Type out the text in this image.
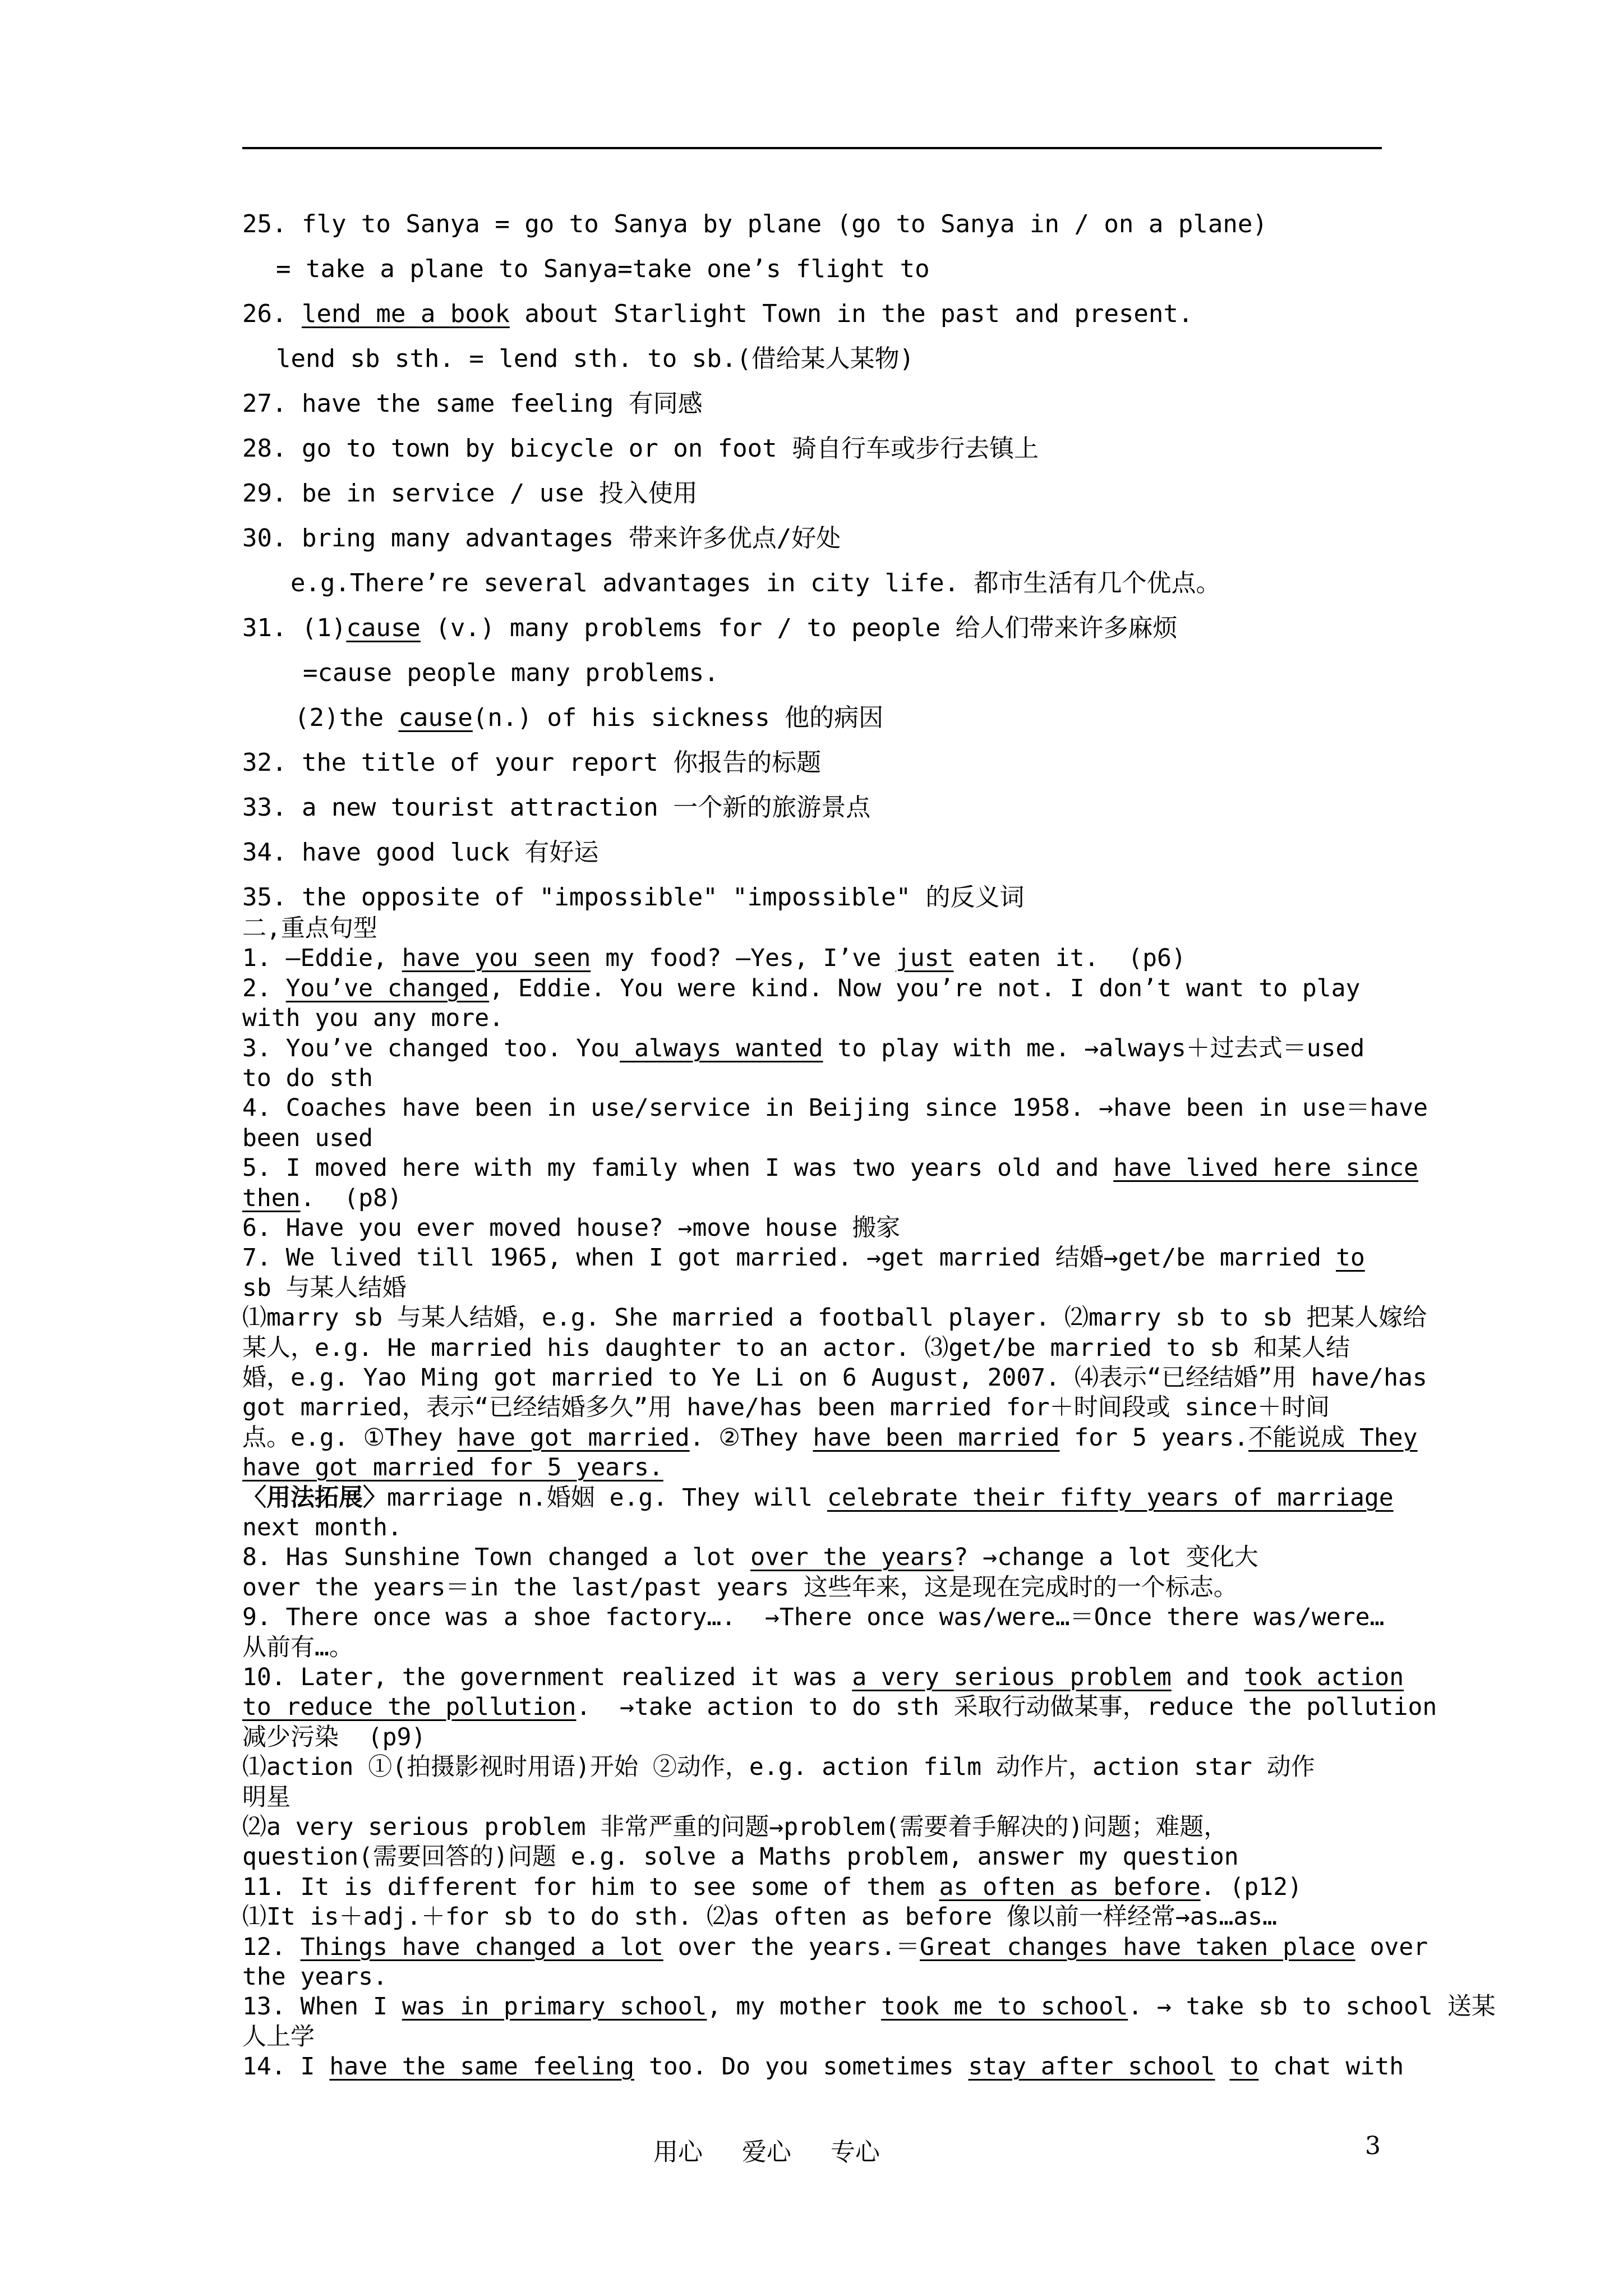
25. fly to Sanya = go to Sanya by plane (go to Sanya in / on a plane)
= take a plane to Sanya=take one’s flight to
26. lend me a book about Starlight Town in the past and present.
lend sb sth. = lend sth. to sb.(借给某人某物)
27. have the same feeling 有同感
28. go to town by bicycle or on foot 骑自行车或步行去镇上
29. be in service / use 投入使用
30. bring many advantages 带来许多优点/好处
e.g.There’re several advantages in city life. 都市生活有几个优点。
31. (1)cause (v.) many problems for / to people 给人们带来许多麻烦
=cause people many problems.
(2)the cause(n.) of his sickness 他的病因
32. the title of your report 你报告的标题
33. a new tourist attraction 一个新的旅游景点
34. have good luck 有好运
35. the opposite of "impossible" "impossible" 的反义词
二,重点句型
1. —Eddie, have you seen my food? —Yes, I’ve just eaten it.  (p6)
2. You’ve changed, Eddie. You were kind. Now you’re not. I don’t want to play
with you any more.
3. You’ve changed too. You always wanted to play with me. →always＋过去式＝used
to do sth
4. Coaches have been in use/service in Beijing since 1958. →have been in use＝have
been used
5. I moved here with my family when I was two years old and have lived here since
then.  (p8)
6. Have you ever moved house? →move house 搬家
7. We lived till 1965, when I got married. →get married 结婚→get/be married to
sb 与某人结婚
⑴marry sb 与某人结婚，e.g. She married a football player. ⑵marry sb to sb 把某人嫁给
某人，e.g. He married his daughter to an actor. ⑶get/be married to sb 和某人结
婚，e.g. Yao Ming got married to Ye Li on 6 August, 2007. ⑷表示“已经结婚”用 have/has
got married，表示“已经结婚多久”用 have/has been married for＋时间段或 since＋时间
点。e.g. ①They have got married. ②They have been married for 5 years.不能说成 They
have got married for 5 years.
〈用法拓展〉marriage n.婚姻 e.g. They will celebrate their fifty years of marriage
next month.
8. Has Sunshine Town changed a lot over the years? →change a lot 变化大
over the years＝in the last/past years 这些年来，这是现在完成时的一个标志。
9. There once was a shoe factory….  →There once was/were…＝Once there was/were…
从前有…。
10. Later, the government realized it was a very serious problem and took action
to reduce the pollution.  →take action to do sth 采取行动做某事，reduce the pollution
减少污染  (p9)
⑴action ①(拍摄影视时用语)开始 ②动作，e.g. action film 动作片，action star 动作
明星
⑵a very serious problem 非常严重的问题→problem(需要着手解决的)问题；难题，
question(需要回答的)问题 e.g. solve a Maths problem, answer my question
11. It is different for him to see some of them as often as before. (p12)
⑴It is＋adj.＋for sb to do sth. ⑵as often as before 像以前一样经常→as…as…
12. Things have changed a lot over the years.＝Great changes have taken place over
the years.
13. When I was in primary school, my mother took me to school. → take sb to school 送某
人上学
14. I have the same feeling too. Do you sometimes stay after school to chat with
用心     爱心     专心	3
